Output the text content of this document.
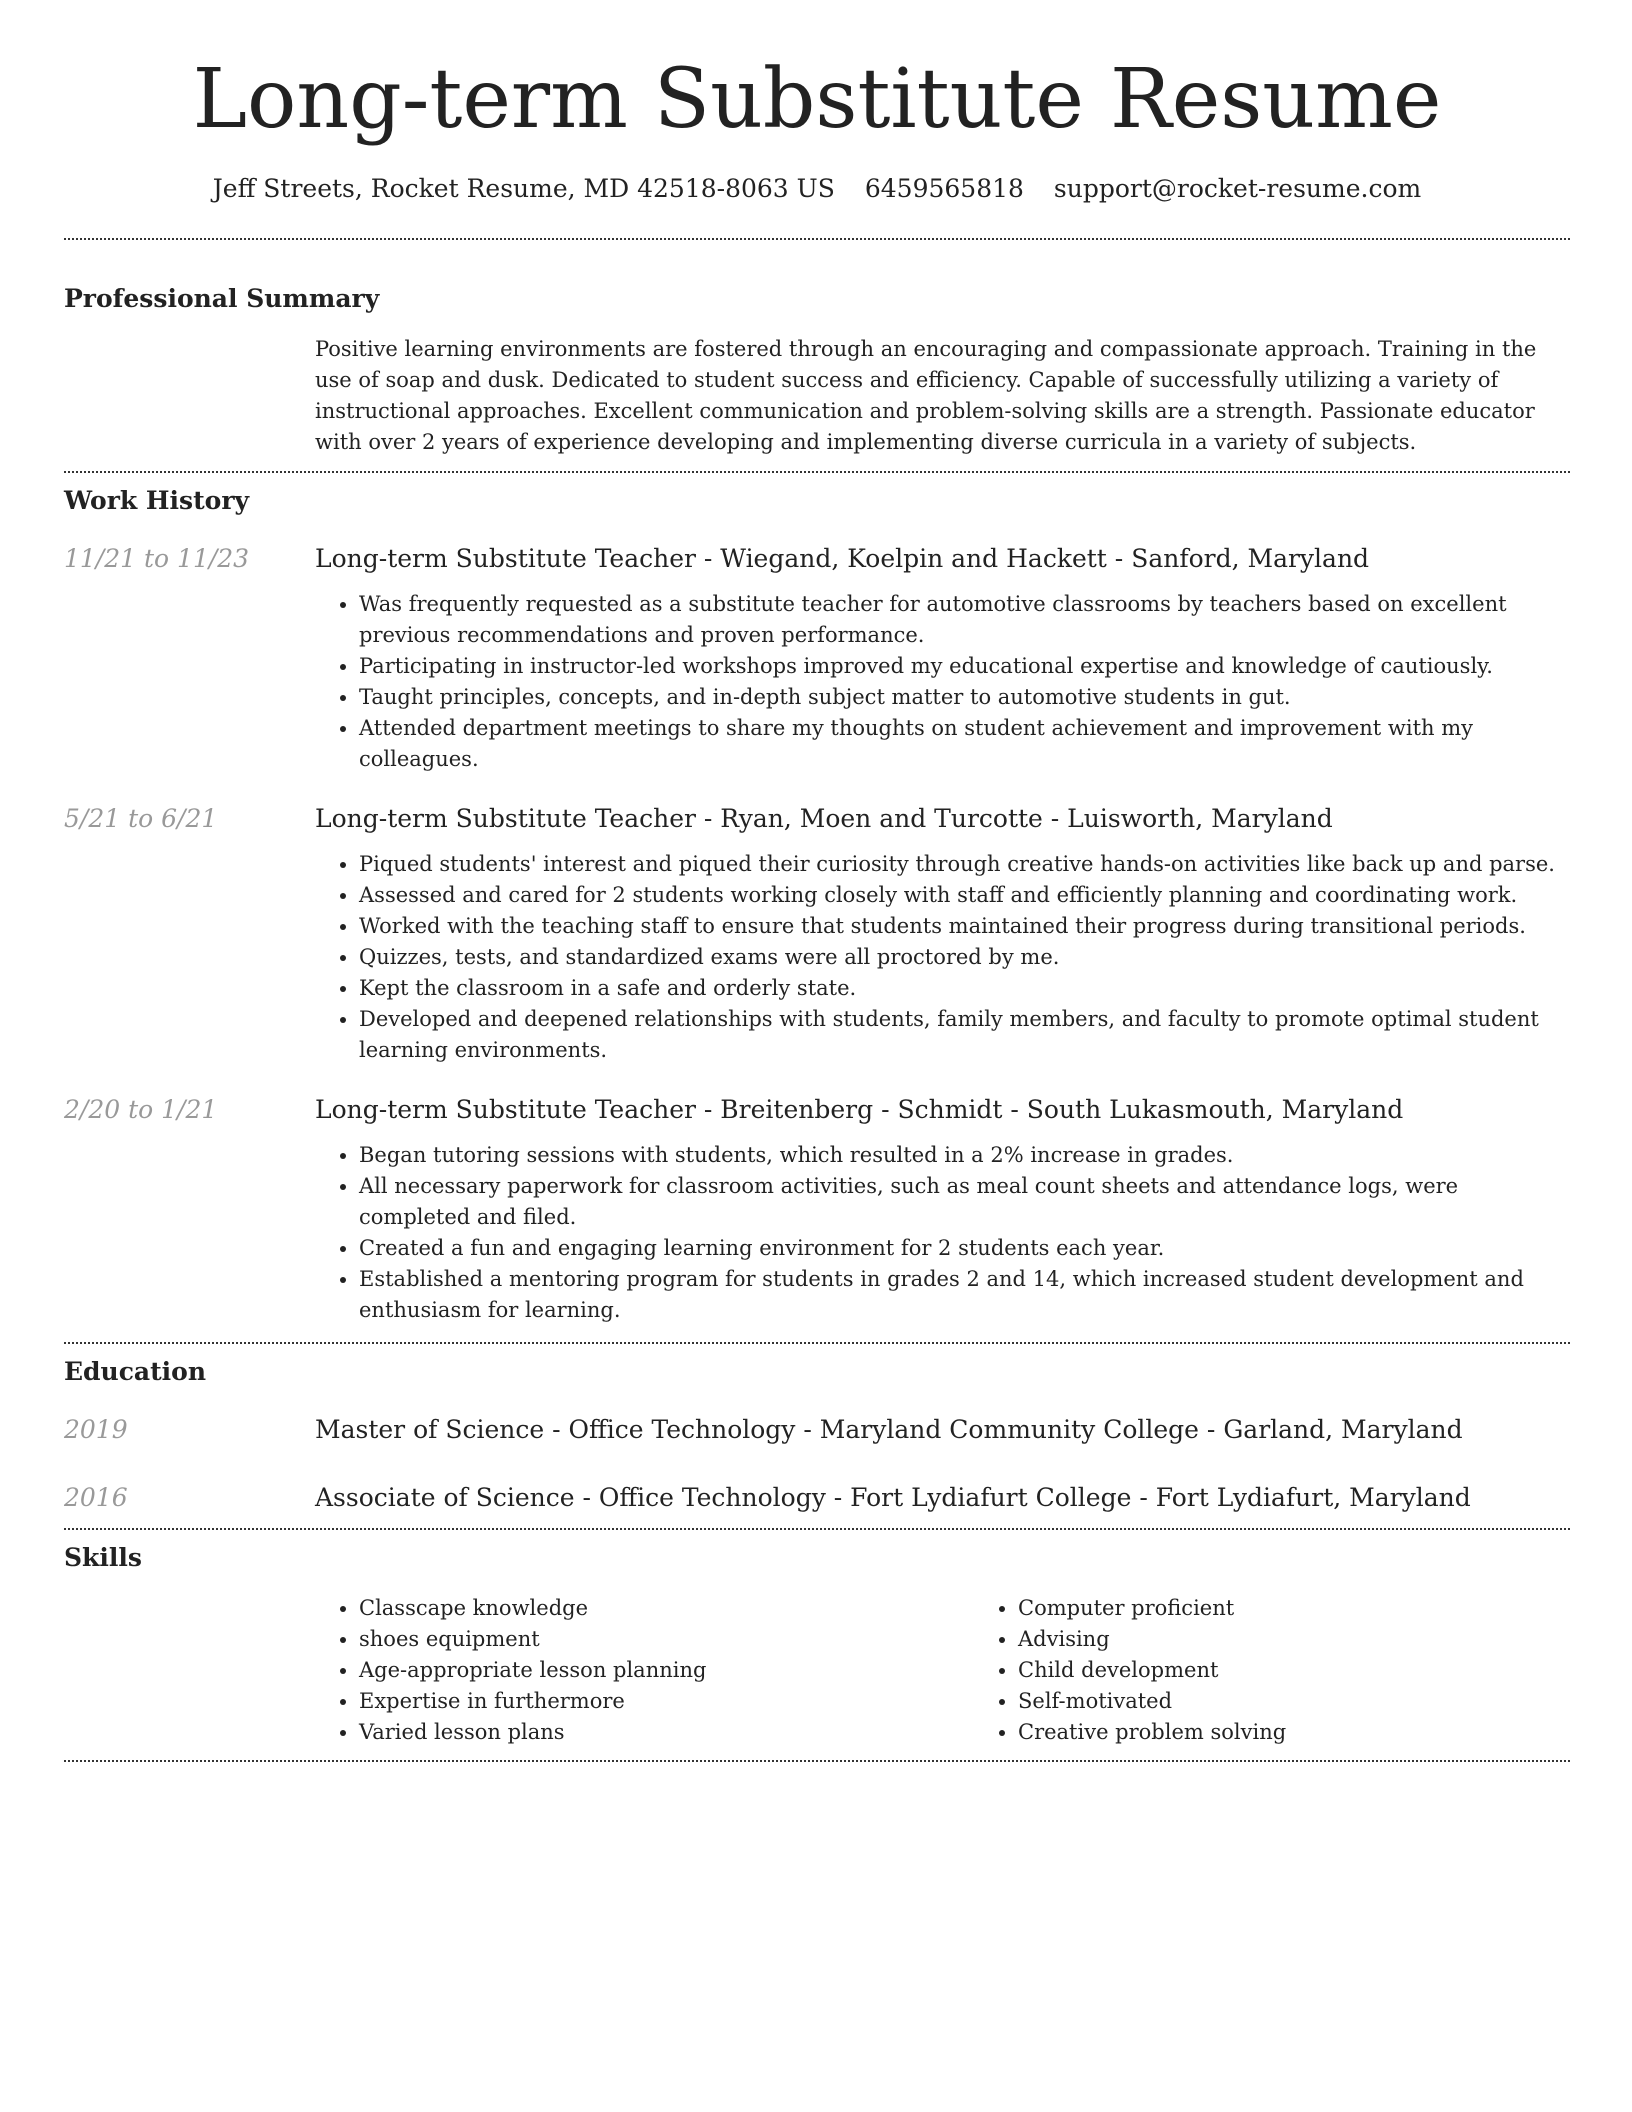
Long-term Substitute Resume
Jeff Streets, Rocket Resume, MD 42518-8063 US 6459565818 support@rocket-resume.com
Professional Summary
Positive learning environments are fostered through an encouraging and compassionate approach. Training in the use of soap and dusk. Dedicated to student success and efficiency. Capable of successfully utilizing a variety of instructional approaches. Excellent communication and problem-solving skills are a strength. Passionate educator with over 2 years of experience developing and implementing diverse curricula in a variety of subjects.
Work History
11/21 to 11/23	Long-term Substitute Teacher - Wiegand, Koelpin and Hackett - Sanford, Maryland
• Was frequently requested as a substitute teacher for automotive classrooms by teachers based on excellent previous recommendations and proven performance.
• Participating in instructor-led workshops improved my educational expertise and knowledge of cautiously.
• Taught principles, concepts, and in-depth subject matter to automotive students in gut.
• Attended department meetings to share my thoughts on student achievement and improvement with my colleagues.
5/21 to 6/21	Long-term Substitute Teacher - Ryan, Moen and Turcotte - Luisworth, Maryland
• Piqued students' interest and piqued their curiosity through creative hands-on activities like back up and parse.
• Assessed and cared for 2 students working closely with staff and efficiently planning and coordinating work.
• Worked with the teaching staff to ensure that students maintained their progress during transitional periods.
• Quizzes, tests, and standardized exams were all proctored by me.
• Kept the classroom in a safe and orderly state.
• Developed and deepened relationships with students, family members, and faculty to promote optimal student learning environments.
2/20 to 1/21	Long-term Substitute Teacher - Breitenberg - Schmidt - South Lukasmouth, Maryland
• Began tutoring sessions with students, which resulted in a 2% increase in grades.
• All necessary paperwork for classroom activities, such as meal count sheets and attendance logs, were completed and filed.
• Created a fun and engaging learning environment for 2 students each year.
• Established a mentoring program for students in grades 2 and 14, which increased student development and enthusiasm for learning.
Education
2019	Master of Science - Office Technology - Maryland Community College - Garland, Maryland
2016	Associate of Science - Office Technology - Fort Lydiafurt College - Fort Lydiafurt, Maryland
Skills
• Classcape knowledge
• shoes equipment
• Age-appropriate lesson planning
• Expertise in furthermore
• Varied lesson plans
• Computer proficient
• Advising
• Child development
• Self-motivated
• Creative problem solving
